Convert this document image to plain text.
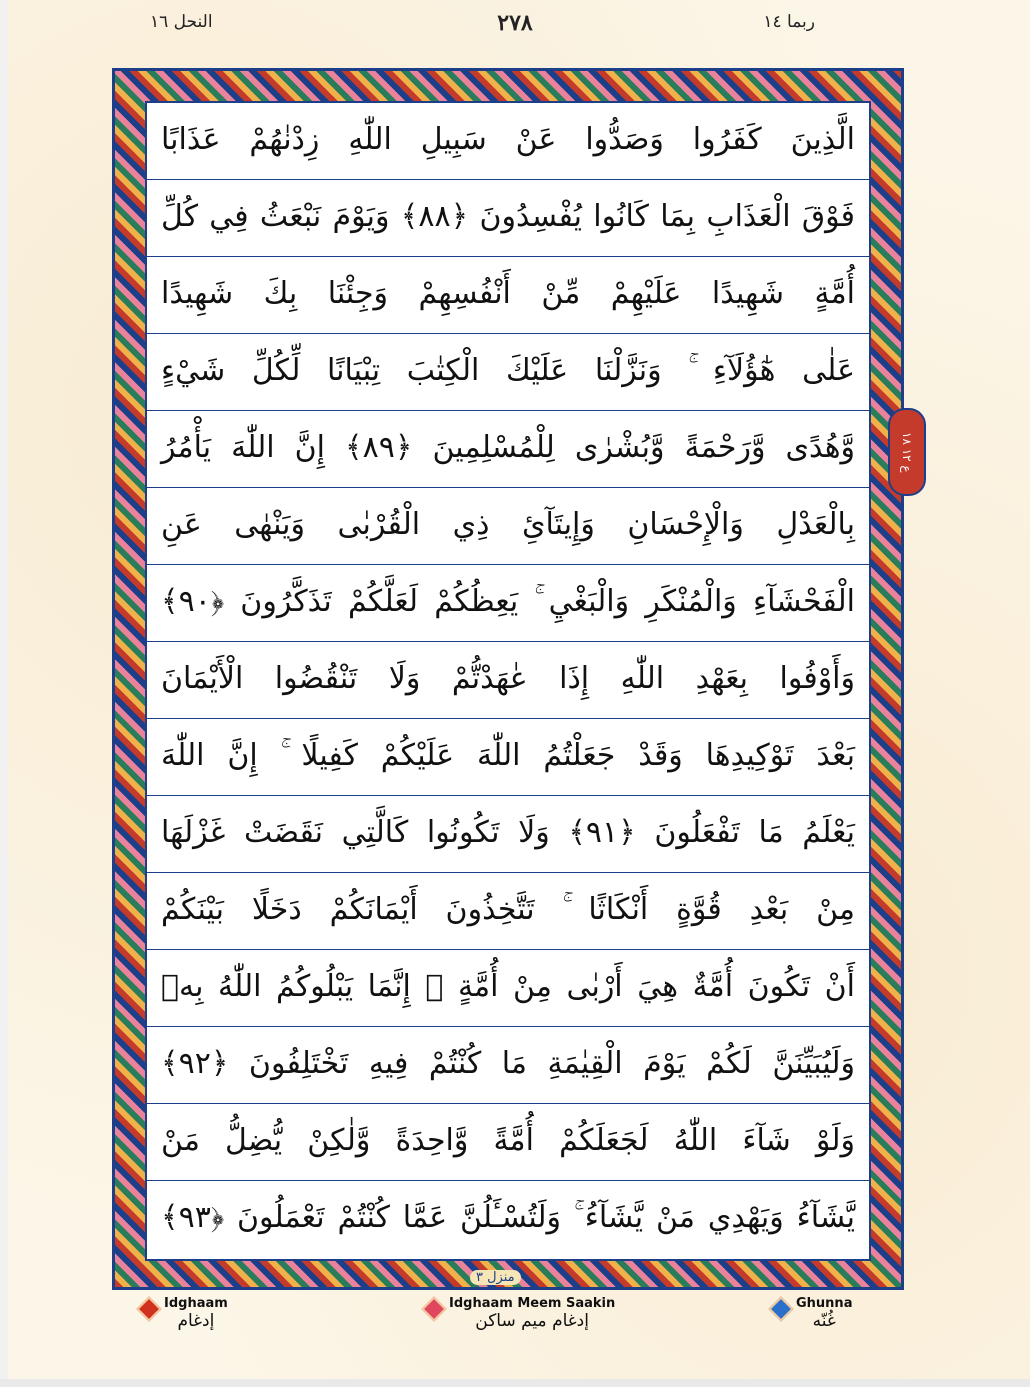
ربما ١٤
٢٧٨
النحل ١٦
الَّذِينَ كَفَرُوا وَصَدُّوا عَنْ سَبِيلِ اللّٰهِ زِدْنٰهُمْ عَذَابًا
فَوْقَ الْعَذَابِ بِمَا كَانُوا يُفْسِدُونَ ﴿٨٨﴾ وَيَوْمَ نَبْعَثُ فِي كُلِّ
أُمَّةٍ شَهِيدًا عَلَيْهِمْ مِّنْ أَنْفُسِهِمْ وَجِئْنَا بِكَ شَهِيدًا
عَلٰى هٰٓؤُلَآءِ ۚ وَنَزَّلْنَا عَلَيْكَ الْكِتٰبَ تِبْيَانًا لِّكُلِّ شَيْءٍ
وَّهُدًى وَّرَحْمَةً وَّبُشْرٰى لِلْمُسْلِمِينَ ﴿٨٩﴾ إِنَّ اللّٰهَ يَأْمُرُ
بِالْعَدْلِ وَالْإِحْسَانِ وَإِيتَآئِ ذِي الْقُرْبٰى وَيَنْهٰى عَنِ
الْفَحْشَآءِ وَالْمُنْكَرِ وَالْبَغْيِ ۚ يَعِظُكُمْ لَعَلَّكُمْ تَذَكَّرُونَ ﴿٩٠﴾
وَأَوْفُوا بِعَهْدِ اللّٰهِ إِذَا عٰهَدْتُّمْ وَلَا تَنْقُضُوا الْأَيْمَانَ
بَعْدَ تَوْكِيدِهَا وَقَدْ جَعَلْتُمُ اللّٰهَ عَلَيْكُمْ كَفِيلًا ۚ إِنَّ اللّٰهَ
يَعْلَمُ مَا تَفْعَلُونَ ﴿٩١﴾ وَلَا تَكُونُوا كَالَّتِي نَقَضَتْ غَزْلَهَا
مِنْ بَعْدِ قُوَّةٍ أَنْكَاثًا ۚ تَتَّخِذُونَ أَيْمَانَكُمْ دَخَلًا بَيْنَكُمْ
أَنْ تَكُونَ أُمَّةٌ هِيَ أَرْبٰى مِنْ أُمَّةٍ ۚ إِنَّمَا يَبْلُوكُمُ اللّٰهُ بِهٖ
وَلَيُبَيِّنَنَّ لَكُمْ يَوْمَ الْقِيٰمَةِ مَا كُنْتُمْ فِيهِ تَخْتَلِفُونَ ﴿٩٢﴾
وَلَوْ شَآءَ اللّٰهُ لَجَعَلَكُمْ أُمَّةً وَّاحِدَةً وَّلٰكِنْ يُّضِلُّ مَنْ
يَّشَآءُ وَيَهْدِي مَنْ يَّشَآءُ ۚ وَلَتُسْـَٔلُنَّ عَمَّا كُنْتُمْ تَعْمَلُونَ ﴿٩٣﴾
ع ١٢ ١٨
منزل ٣
Idghaam
إدغام
Idghaam Meem Saakin
إدغام ميم ساكن
Ghunna
غُنّه
